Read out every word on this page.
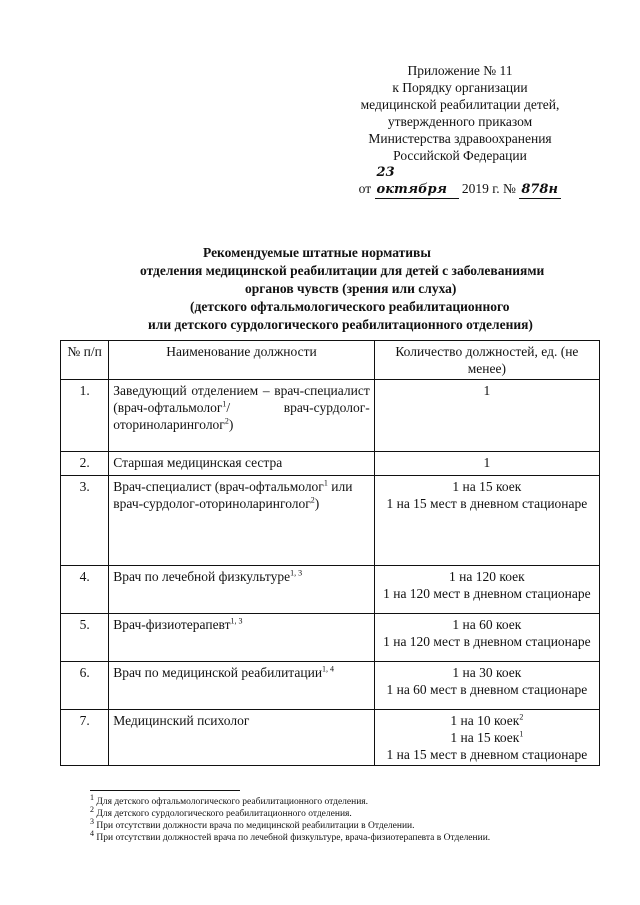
Приложение № 11
к Порядку организации
медицинской реабилитации детей,
утвержденного приказом
Министерства здравоохранения
Российской Федерации
от 23 октября 2019 г. № 878н
Рекомендуемые штатные нормативы
отделения медицинской реабилитации для детей с заболеваниями
органов чувств (зрения или слуха)
(детского офтальмологического реабилитационного
или детского сурдологического реабилитационного отделения)
№ п/п	Наименование должности	Количество должностей, ед. (не менее)
1.	Заведующий отделением – врач-специалист (врач-офтальмолог$^1$/ врач-сурдолог-оториноларинголог$^2$)	1

2.	Старшая медицинская сестра	1

3.	Врач-специалист (врач-офтальмолог$^1$ или врач-сурдолог-оториноларинголог$^2$)	1 на 15 коек
1 на 15 мест в дневном стационаре

4.	Врач по лечебной физкультуре$^{1, 3}$	1 на 120 коек
1 на 120 мест в дневном стационаре

5.	Врач-физиотерапевт$^{1, 3}$	1 на 60 коек
1 на 120 мест в дневном стационаре

6.	Врач по медицинской реабилитации$^{1, 4}$	1 на 30 коек
1 на 60 мест в дневном стационаре

7.	Медицинский психолог	1 на 10 коек$^2$
1 на 15 коек$^1$
1 на 15 мест в дневном стационаре
$^1$ Для детского офтальмологического реабилитационного отделения.
$^2$ Для детского сурдологического реабилитационного отделения.
$^3$ При отсутствии должности врача по медицинской реабилитации в Отделении.
$^4$ При отсутствии должностей врача по лечебной физкультуре, врача-физиотерапевта в Отделении.
